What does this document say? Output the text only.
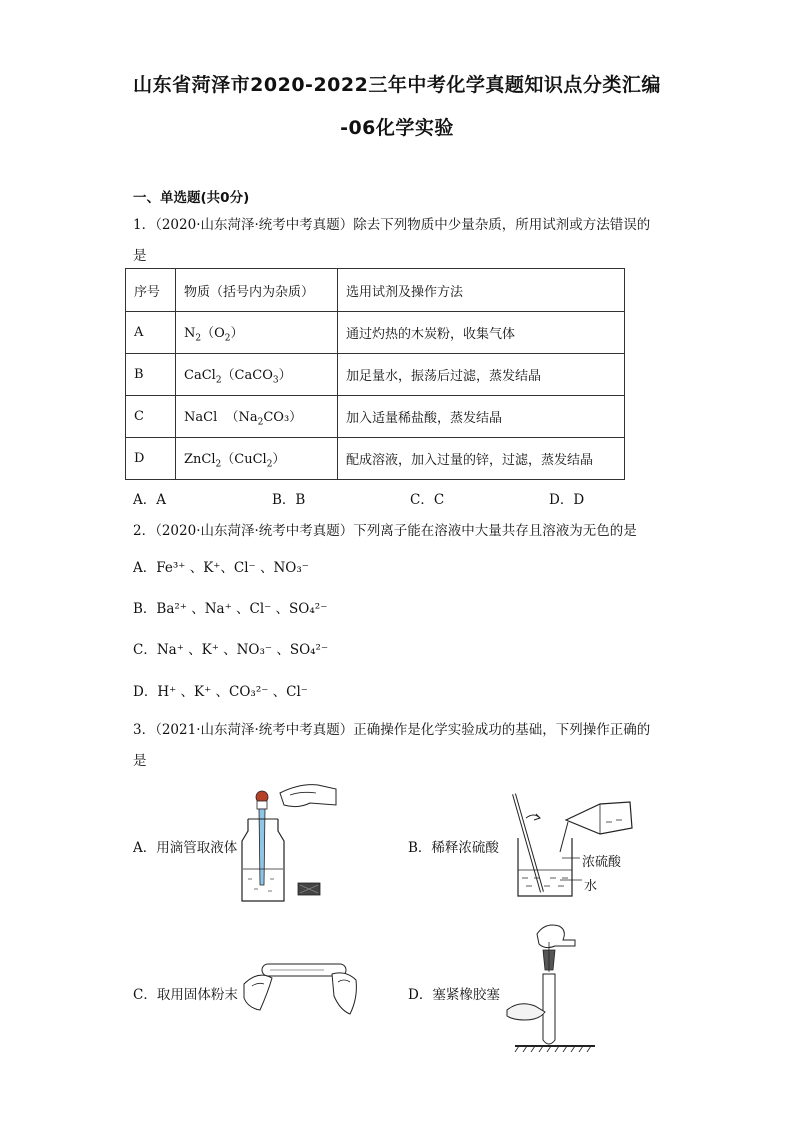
山东省菏泽市2020-2022三年中考化学真题知识点分类汇编
-06化学实验
一、单选题(共0分)
1．（2020·山东菏泽·统考中考真题）除去下列物质中少量杂质，所用试剂或方法错误的
是
序号	物质（括号内为杂质）	选用试剂及操作方法
A	$N_2(O_2)$	通过灼热的木炭粉，收集气体
B	CaCl$_2$（CaCO$_3$）	加足量水，振荡后过滤，蒸发结晶
C	NaCl  $(Na_2CO_3)$	加入适量稀盐酸，蒸发结晶
D	ZnCl$_2$（CuCl$_2$）	配成溶液，加入过量的锌，过滤，蒸发结晶
A．A	B．B	C．C	D．D
2．（2020·山东菏泽·统考中考真题）下列离子能在溶液中大量共存且溶液为无色的是
A．Fe³⁺ 、K⁺、Cl⁻ 、NO₃⁻
B．Ba²⁺ 、Na⁺ 、Cl⁻ 、SO₄²⁻
C．Na⁺ 、K⁺ 、NO₃⁻ 、SO₄²⁻
D．H⁺ 、K⁺ 、CO₃²⁻ 、Cl⁻
3．（2021·山东菏泽·统考中考真题）正确操作是化学实验成功的基础，下列操作正确的
是
A．用滴管取液体	B．稀释浓硫酸
C．取用固体粉末	D．塞紧橡胶塞
浓硫酸
水
